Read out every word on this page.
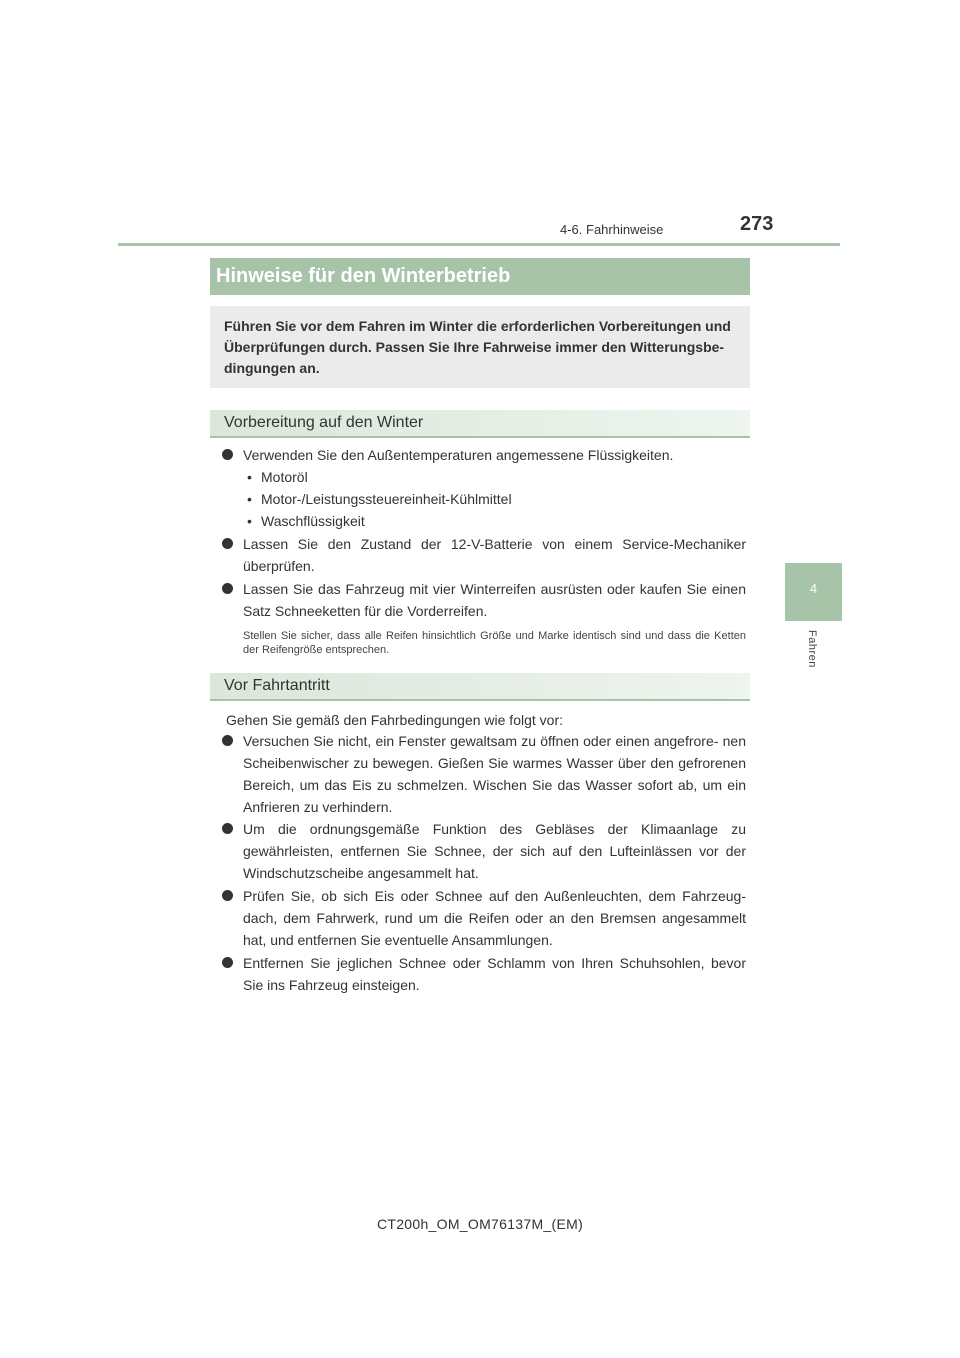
4-6. Fahrhinweise	273
4
Fahren
Hinweise für den Winterbetrieb
Führen Sie vor dem Fahren im Winter die erforderlichen Vorbereitungen und Überprüfungen durch. Passen Sie Ihre Fahrweise immer den Witterungsbe- dingungen an.
Vorbereitung auf den Winter
Verwenden Sie den Außentemperaturen angemessene Flüssigkeiten.
• Motoröl
• Motor-/Leistungssteuereinheit-Kühlmittel
• Waschflüssigkeit
Lassen Sie den Zustand der 12-V-Batterie von einem Service-Mechaniker überprüfen.
Lassen Sie das Fahrzeug mit vier Winterreifen ausrüsten oder kaufen Sie einen Satz Schneeketten für die Vorderreifen.
Stellen Sie sicher, dass alle Reifen hinsichtlich Größe und Marke identisch sind und dass die Ketten der Reifengröße entsprechen.
Vor Fahrtantritt
Gehen Sie gemäß den Fahrbedingungen wie folgt vor:
Versuchen Sie nicht, ein Fenster gewaltsam zu öffnen oder einen angefrore- nen Scheibenwischer zu bewegen. Gießen Sie warmes Wasser über den gefrorenen Bereich, um das Eis zu schmelzen. Wischen Sie das Wasser sofort ab, um ein Anfrieren zu verhindern.
Um die ordnungsgemäße Funktion des Gebläses der Klimaanlage zu gewährleisten, entfernen Sie Schnee, der sich auf den Lufteinlässen vor der Windschutzscheibe angesammelt hat.
Prüfen Sie, ob sich Eis oder Schnee auf den Außenleuchten, dem Fahrzeug- dach, dem Fahrwerk, rund um die Reifen oder an den Bremsen angesammelt hat, und entfernen Sie eventuelle Ansammlungen.
Entfernen Sie jeglichen Schnee oder Schlamm von Ihren Schuhsohlen, bevor Sie ins Fahrzeug einsteigen.
CT200h_OM_OM76137M_(EM)
